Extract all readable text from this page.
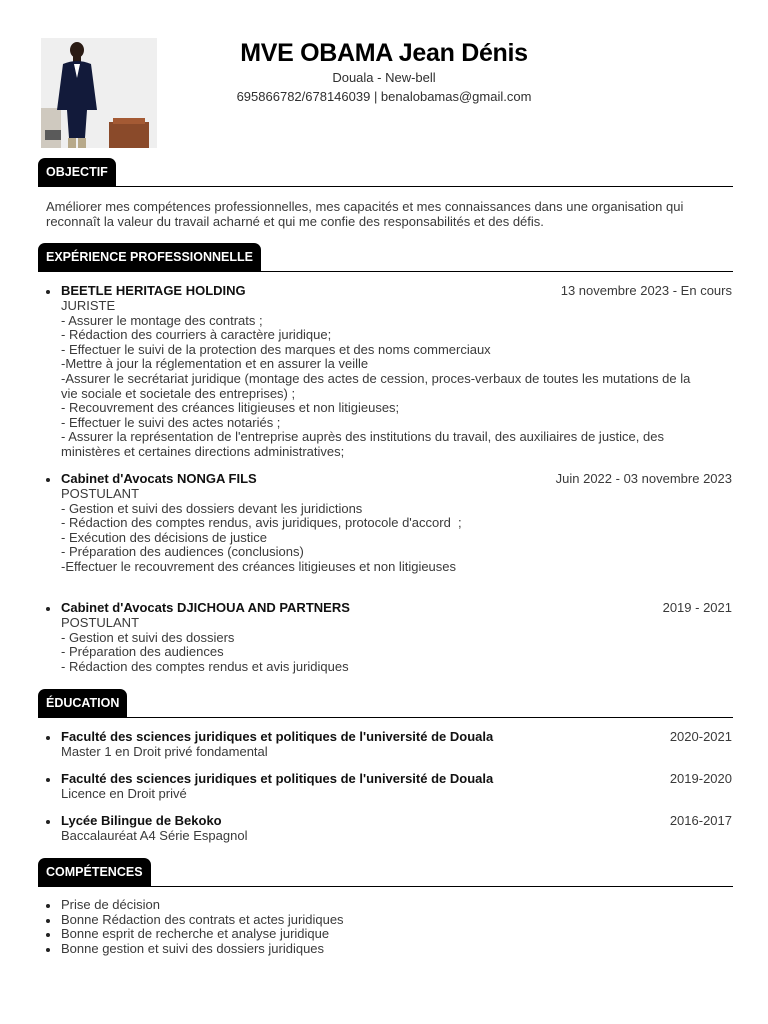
MVE OBAMA Jean Dénis
Douala - New-bell
695866782/678146039 | benalobamas@gmail.com
OBJECTIF
Améliorer mes compétences professionnelles, mes capacités et mes connaissances dans une organisation qui
reconnaît la valeur du travail acharné et qui me confie des responsabilités et des défis.
EXPÉRIENCE PROFESSIONNELLE
BEETLE HERITAGE HOLDING	13 novembre 2023 - En cours
JURISTE
- Assurer le montage des contrats ;
- Rédaction des courriers à caractère juridique;
- Effectuer le suivi de la protection des marques et des noms commerciaux
-Mettre à jour la réglementation et en assurer la veille
-Assurer le secrétariat juridique (montage des actes de cession, proces-verbaux de toutes les mutations de la
vie sociale et societale des entreprises) ;
- Recouvrement des créances litigieuses et non litigieuses;
- Effectuer le suivi des actes notariés ;
- Assurer la représentation de l'entreprise auprès des institutions du travail, des auxiliaires de justice, des
ministères et certaines directions administratives;
Cabinet d'Avocats NONGA FILS	Juin 2022 - 03 novembre 2023
POSTULANT
- Gestion et suivi des dossiers devant les juridictions
- Rédaction des comptes rendus, avis juridiques, protocole d'accord  ;
- Exécution des décisions de justice
- Préparation des audiences (conclusions)
-Effectuer le recouvrement des créances litigieuses et non litigieuses
Cabinet d'Avocats DJICHOUA AND PARTNERS	2019 - 2021
POSTULANT
- Gestion et suivi des dossiers
- Préparation des audiences
- Rédaction des comptes rendus et avis juridiques
ÉDUCATION
Faculté des sciences juridiques et politiques de l'université de Douala	2020-2021
Master 1 en Droit privé fondamental
Faculté des sciences juridiques et politiques de l'université de Douala	2019-2020
Licence en Droit privé
Lycée Bilingue de Bekoko	2016-2017
Baccalauréat A4 Série Espagnol
COMPÉTENCES
Prise de décision
Bonne Rédaction des contrats et actes juridiques
Bonne esprit de recherche et analyse juridique
Bonne gestion et suivi des dossiers juridiques
